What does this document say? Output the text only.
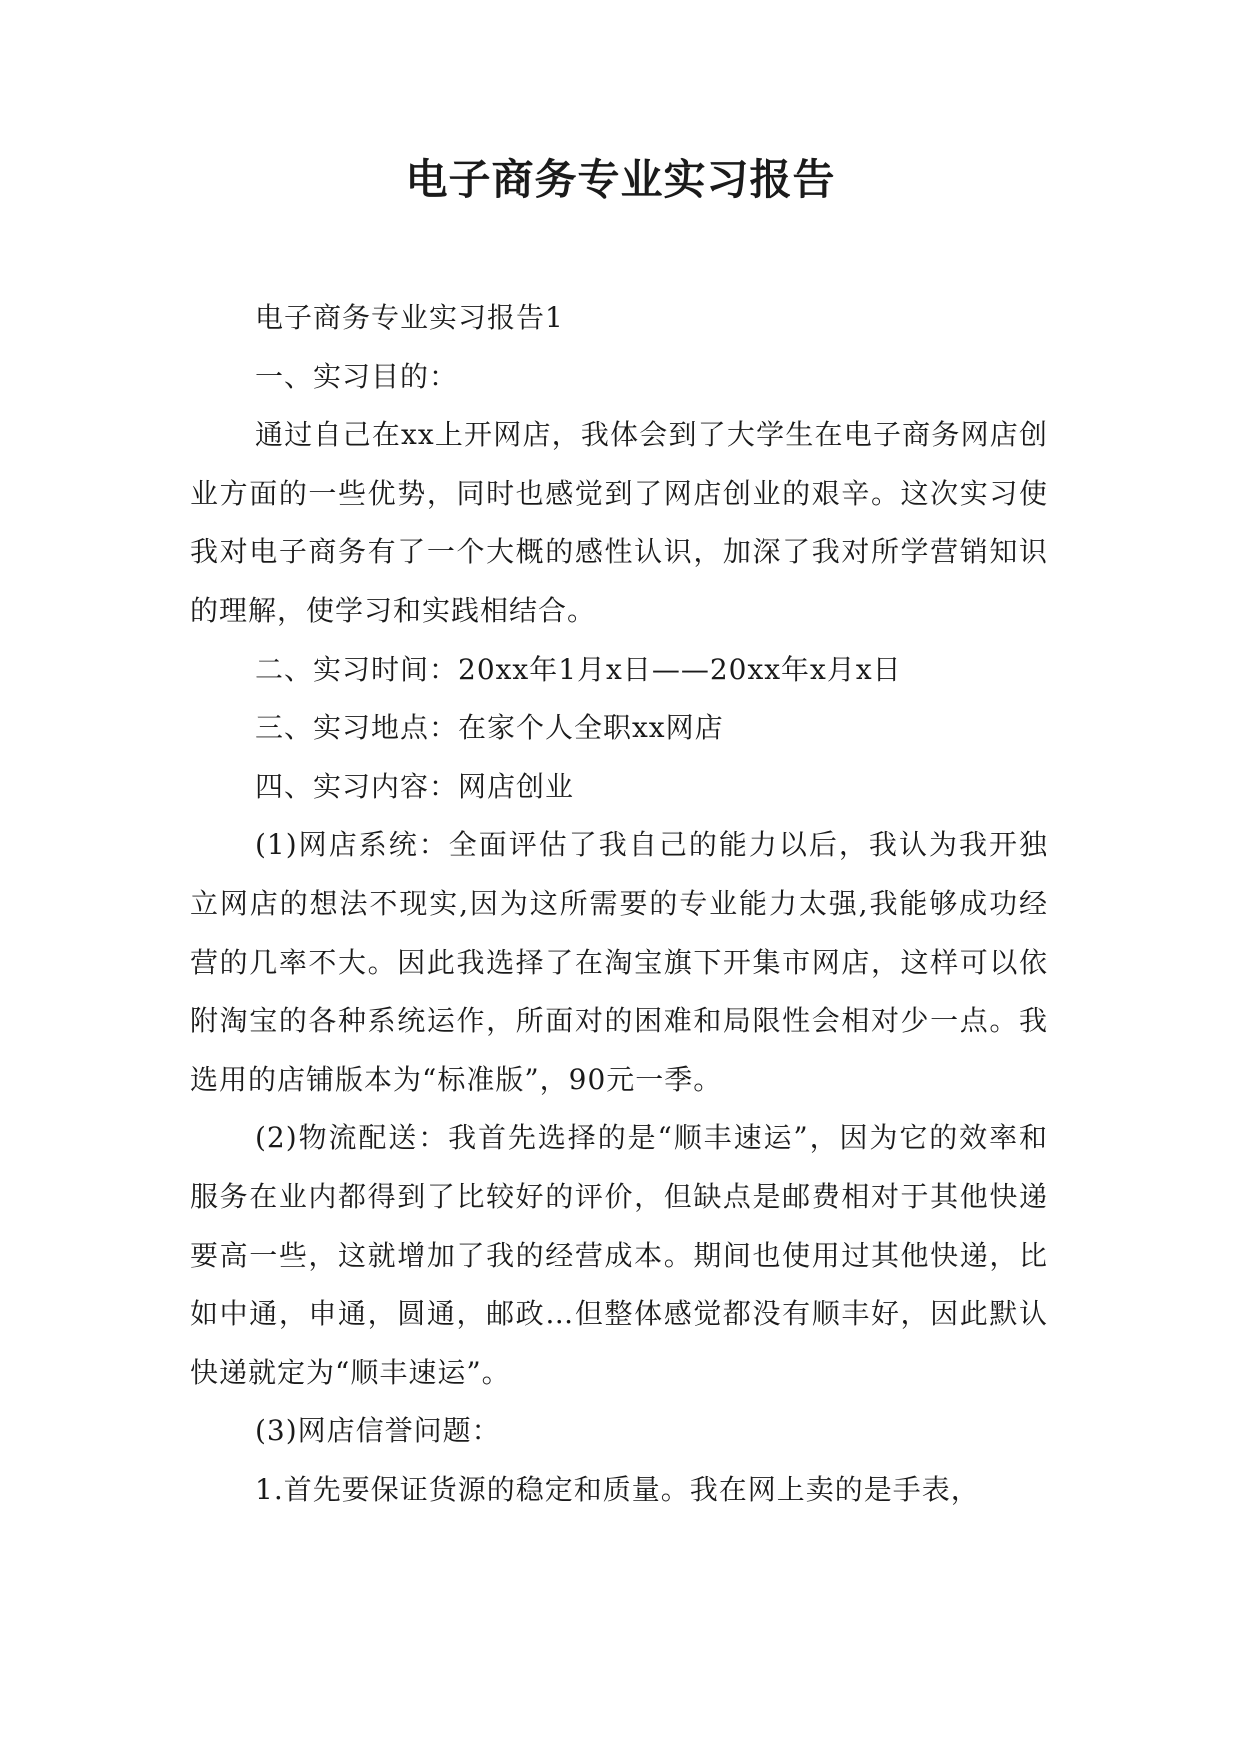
电子商务专业实习报告

电子商务专业实习报告1

一、实习目的：

通过自己在xx上开网店，我体会到了大学生在电子商务网店创业方面的一些优势，同时也感觉到了网店创业的艰辛。这次实习使我对电子商务有了一个大概的感性认识，加深了我对所学营销知识的理解，使学习和实践相结合。

二、实习时间：20xx年1月x日——20xx年x月x日

三、实习地点：在家个人全职xx网店

四、实习内容：网店创业

(1)网店系统：全面评估了我自己的能力以后，我认为我开独立网店的想法不现实,因为这所需要的专业能力太强,我能够成功经营的几率不大。因此我选择了在淘宝旗下开集市网店，这样可以依附淘宝的各种系统运作，所面对的困难和局限性会相对少一点。我选用的店铺版本为“标准版”，90元一季。

(2)物流配送：我首先选择的是“顺丰速运”，因为它的效率和服务在业内都得到了比较好的评价，但缺点是邮费相对于其他快递要高一些，这就增加了我的经营成本。期间也使用过其他快递，比如中通，申通，圆通，邮政…但整体感觉都没有顺丰好，因此默认快递就定为“顺丰速运”。

(3)网店信誉问题：

1.首先要保证货源的稳定和质量。我在网上卖的是手表，
